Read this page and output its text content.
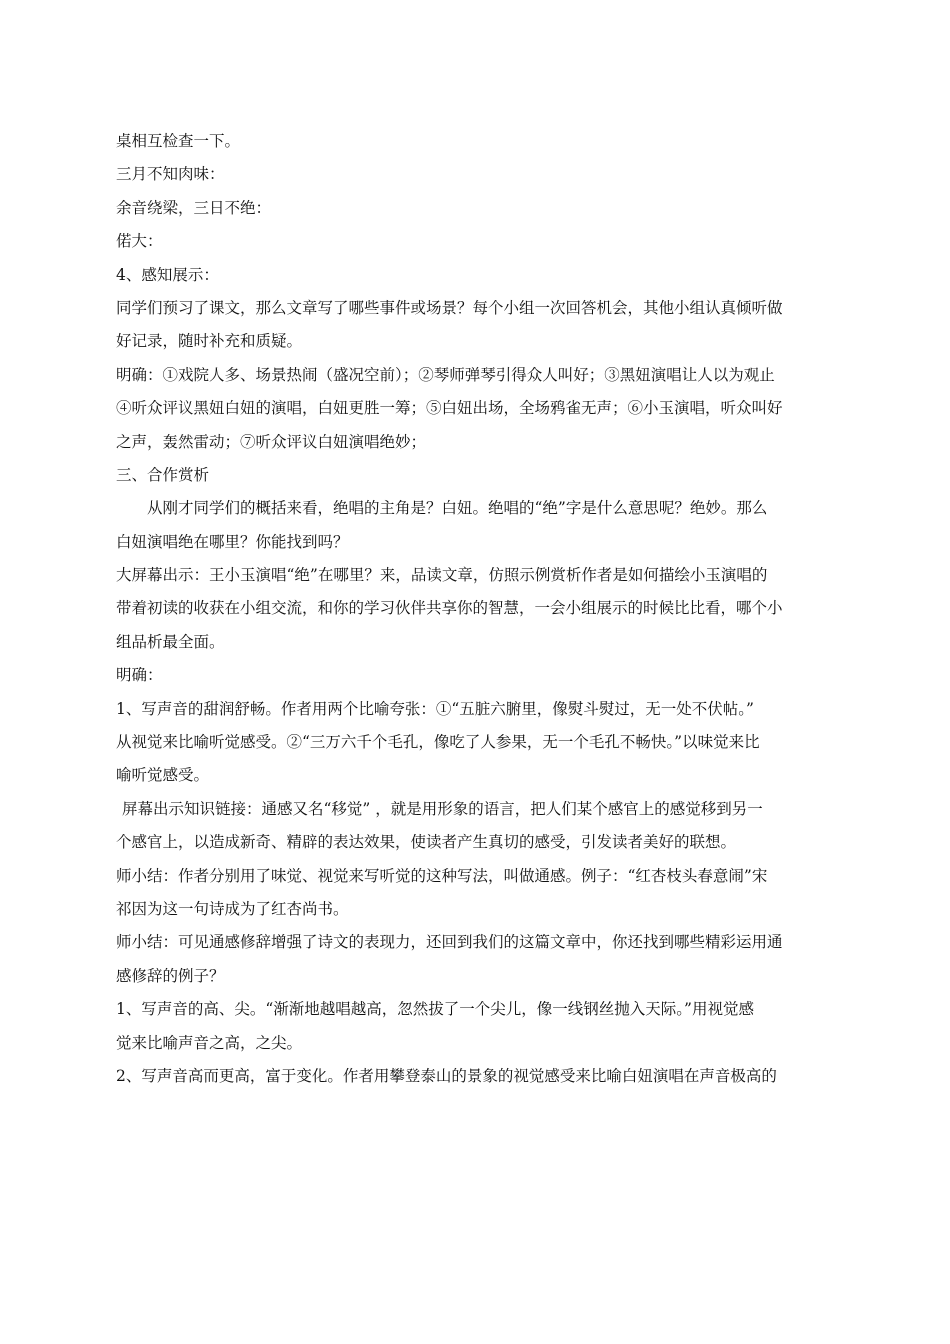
桌相互检查一下。
三月不知肉味：
余音绕梁，三日不绝：
偌大：
4、感知展示：
同学们预习了课文，那么文章写了哪些事件或场景？每个小组一次回答机会，其他小组认真倾听做
好记录，随时补充和质疑。
明确：①戏院人多、场景热闹（盛况空前）；②琴师弹琴引得众人叫好；③黑妞演唱让人以为观止
④听众评议黑妞白妞的演唱，白妞更胜一筹；⑤白妞出场，全场鸦雀无声；⑥小玉演唱，听众叫好
之声，轰然雷动；⑦听众评议白妞演唱绝妙；
三、合作赏析
从刚才同学们的概括来看，绝唱的主角是？白妞。绝唱的“绝”字是什么意思呢？绝妙。那么
白妞演唱绝在哪里？你能找到吗？
大屏幕出示：王小玉演唱“绝”在哪里？来，品读文章，仿照示例赏析作者是如何描绘小玉演唱的
带着初读的收获在小组交流，和你的学习伙伴共享你的智慧，一会小组展示的时候比比看，哪个小
组品析最全面。
明确：
1、写声音的甜润舒畅。作者用两个比喻夸张：①“五脏六腑里，像熨斗熨过，无一处不伏帖。”
从视觉来比喻听觉感受。②“三万六千个毛孔，像吃了人参果，无一个毛孔不畅快。”以味觉来比
喻听觉感受。
屏幕出示知识链接：通感又名“移觉” ，就是用形象的语言，把人们某个感官上的感觉移到另一
个感官上，以造成新奇、精辟的表达效果，使读者产生真切的感受，引发读者美好的联想。
师小结：作者分别用了味觉、视觉来写听觉的这种写法，叫做通感。例子：“红杏枝头春意闹”宋
祁因为这一句诗成为了红杏尚书。
师小结：可见通感修辞增强了诗文的表现力，还回到我们的这篇文章中，你还找到哪些精彩运用通
感修辞的例子？
1、写声音的高、尖。“渐渐地越唱越高，忽然拔了一个尖儿，像一线钢丝抛入天际。”用视觉感
觉来比喻声音之高，之尖。
2、写声音高而更高，富于变化。作者用攀登泰山的景象的视觉感受来比喻白妞演唱在声音极高的
